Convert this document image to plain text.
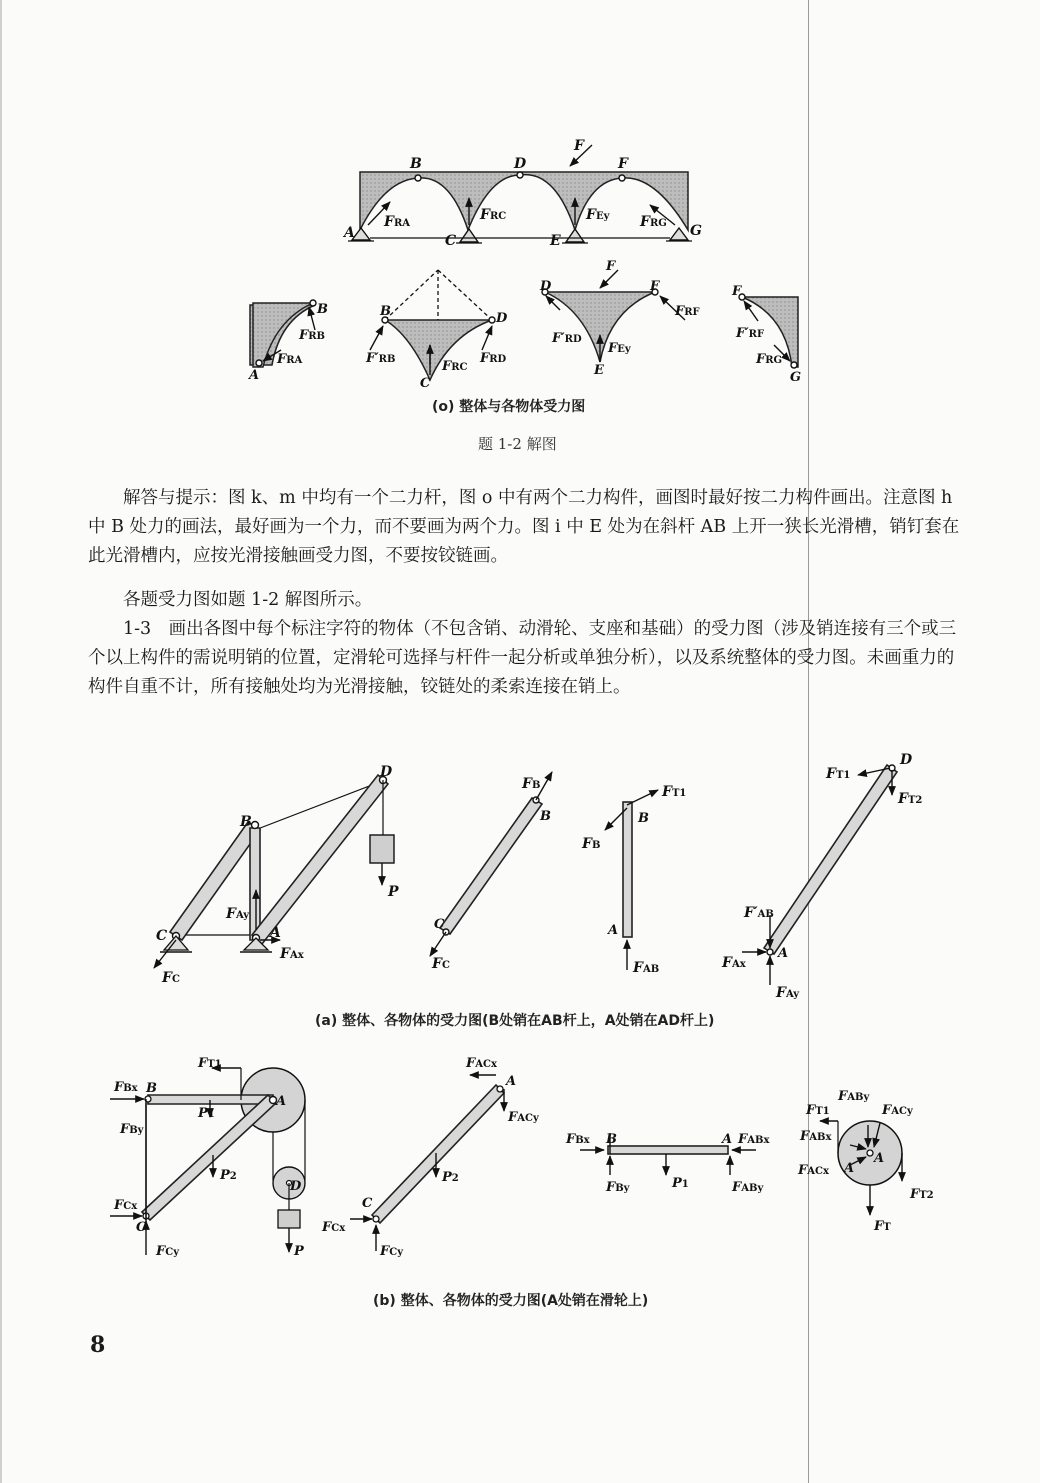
A
B	D	F
C	E
G
F
FRA
FRC	FEy FRG
B	D
C
D	F
E
F′RB	FRD
FRC
F′RD
FEy
F
FRF
B
A
FRB
FRA
F
G
F′RF
FRG
(o) 整体与各物体受力图
题 1-2 解图

解答与提示：图 k、m 中均有一个二力杆，图 o 中有两个二力构件，画图时最好按二力构件画出。注意图 h 中 B 处力的画法，最好画为一个力，而不要画为两个力。图 i 中 E 处为在斜杆 AB 上开一狭长光滑槽，销钉套在此光滑槽内，应按光滑接触画受力图，不要按铰链画。

各题受力图如题 1-2 解图所示。

1-3　画出各图中每个标注字符的物体（不包含销、动滑轮、支座和基础）的受力图（涉及销连接有三个或三个以上构件的需说明销的位置，定滑轮可选择与杆件一起分析或单独分析），以及系统整体的受力图。未画重力的构件自重不计，所有接触处均为光滑接触，铰链处的柔索连接在销上。

B
D
C	A
P
FC
FAy
FAx
B
C
FB
FC
B
A
FT1
FB
FAB
D
FT1
FT2
F′AB
A
FAx
FAy
(a) 整体、各物体的受力图(B处销在AB杆上，A处销在AD杆上)
B
A
C
D
P
FT1
FBx
FBy
FCx
FCy
P1
P2
A
C
FACx
FACy
P2
FCx
FCy
B	A
FBx	FABx
FBy	P1	FABy
A
A
FT1
FABy
FACy
FABx
FACx
FT2
FT
(b) 整体、各物体的受力图(A处销在滑轮上)
8
